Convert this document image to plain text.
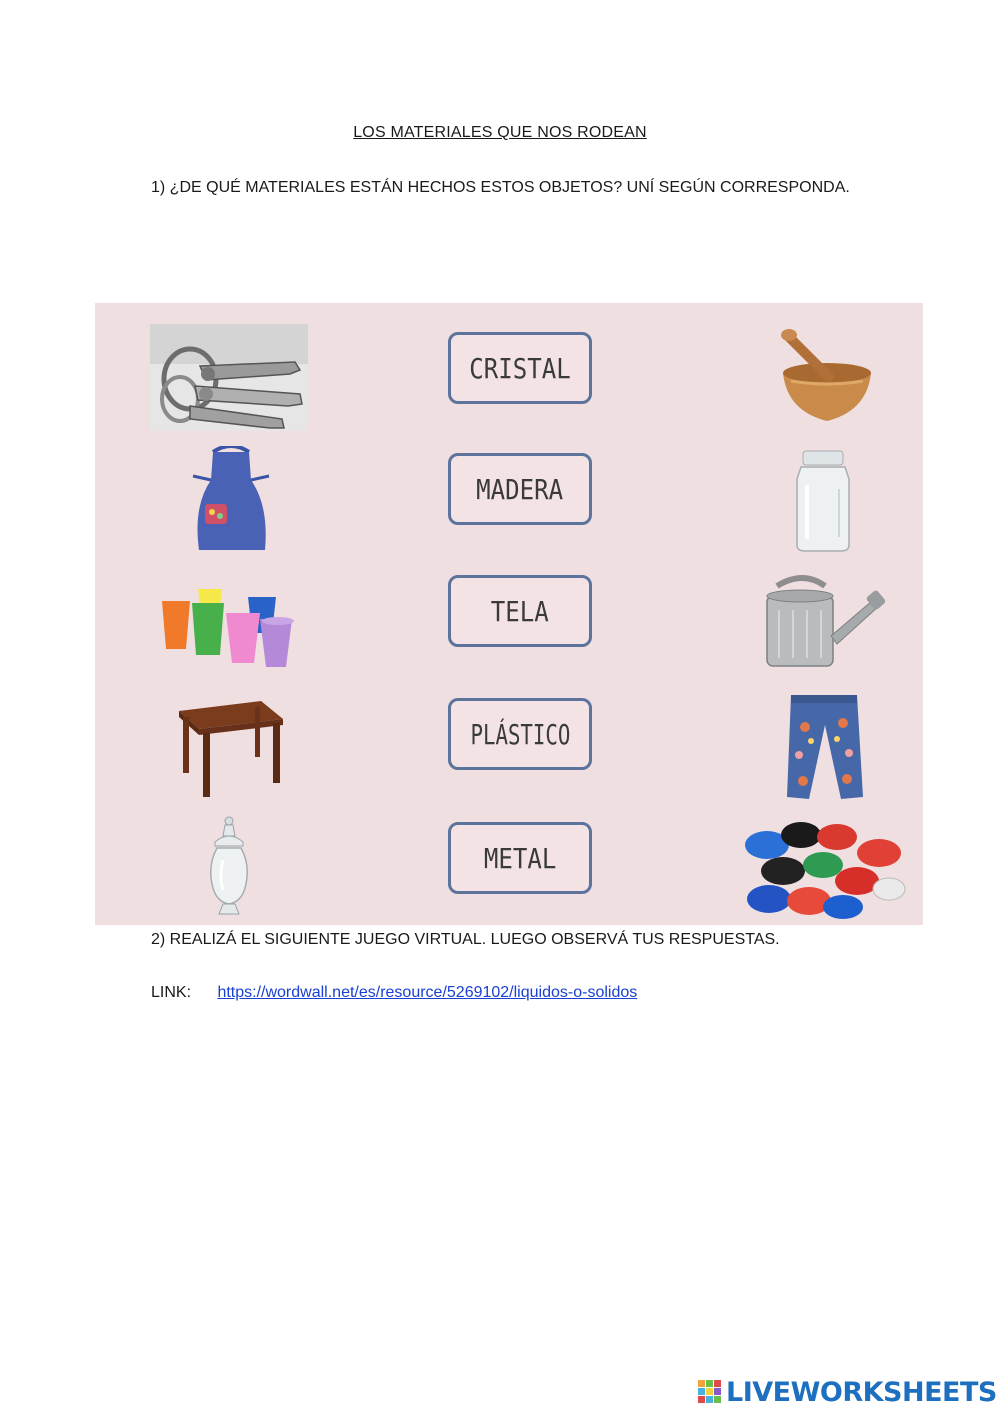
LOS MATERIALES QUE NOS RODEAN
1) ¿DE QUÉ MATERIALES ESTÁN HECHOS ESTOS OBJETOS? UNÍ SEGÚN CORRESPONDA.
CRISTAL
MADERA
TELA
PLÁSTICO
METAL
2) REALIZÁ EL SIGUIENTE JUEGO VIRTUAL. LUEGO OBSERVÁ TUS RESPUESTAS.
LINK: https://wordwall.net/es/resource/5269102/liquidos-o-solidos
LIVEWORKSHEETS
